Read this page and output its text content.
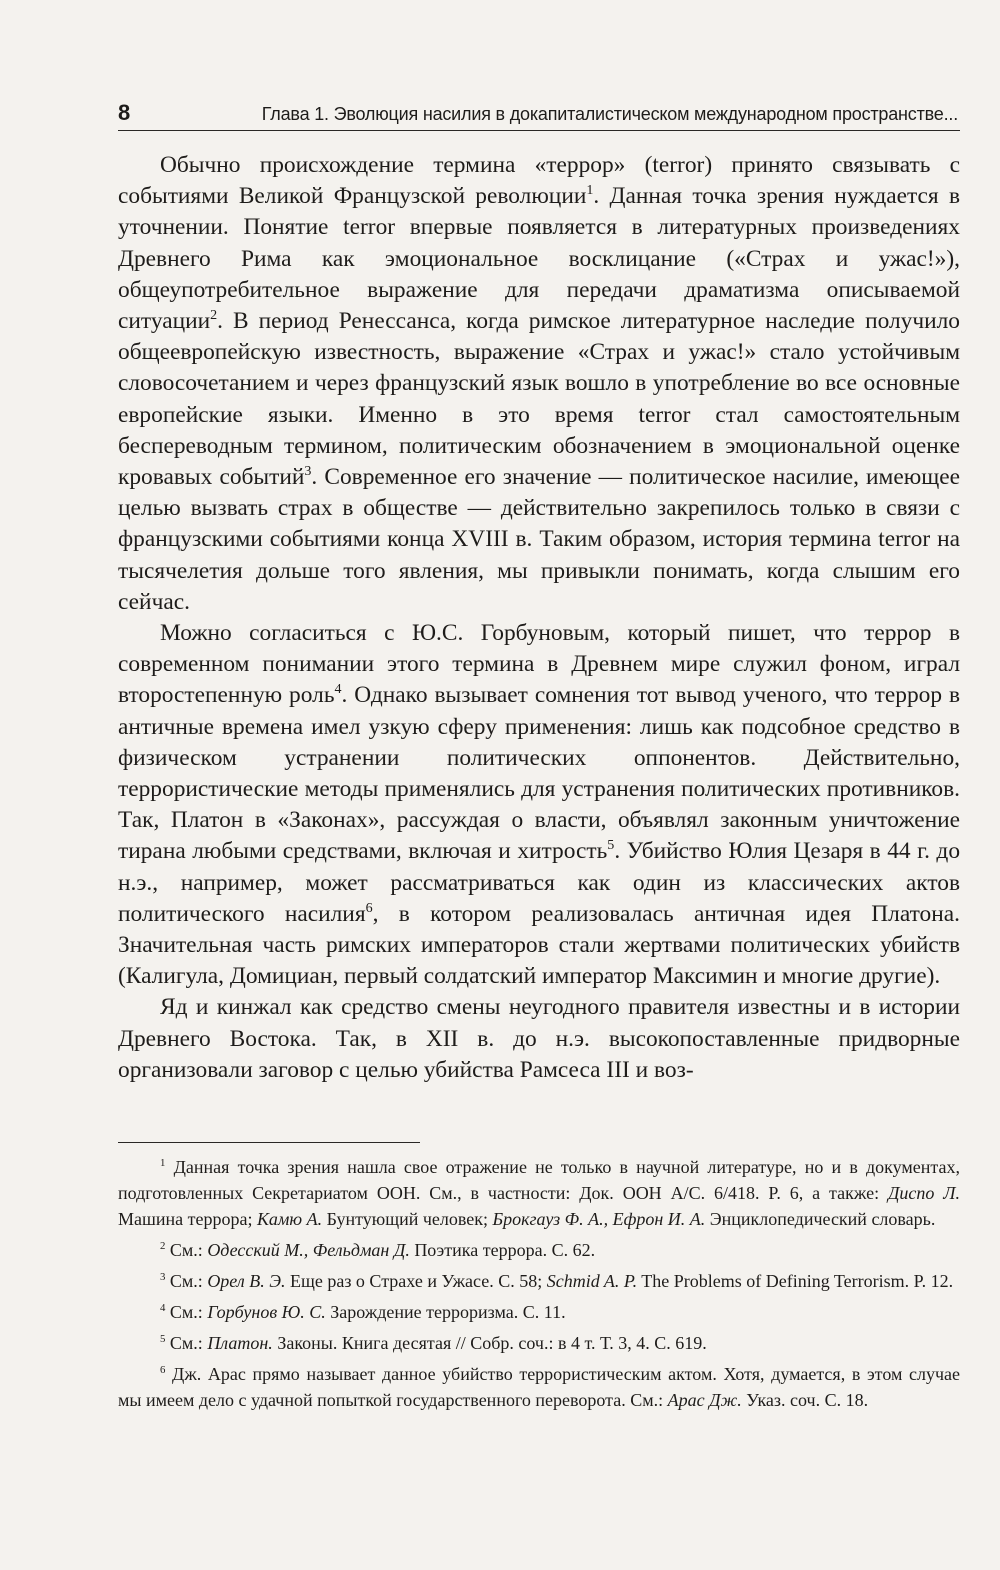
8	Глава 1. Эволюция насилия в докапиталистическом международном пространстве...

Обычно происхождение термина «террор» (terror) принято связывать с событиями Великой Французской революции$^1$. Данная точка зрения нуждается в уточнении. Понятие terror впервые появляется в литературных произведениях Древнего Рима как эмоциональное восклицание («Страх и ужас!»), общеупотребительное выражение для передачи драматизма описываемой ситуации$^2$. В период Ренессанса, когда римское литературное наследие получило общеевропейскую известность, выражение «Страх и ужас!» стало устойчивым словосочетанием и через французский язык вошло в употребление во все основные европейские языки. Именно в это время terror стал самостоятельным беспереводным термином, политическим обозначением в эмоциональной оценке кровавых событий$^3$. Современное его значение — политическое насилие, имеющее целью вызвать страх в обществе — действительно закрепилось только в связи с французскими событиями конца XVIII в. Таким образом, история термина terror на тысячелетия дольше того явления, мы привыкли понимать, когда слышим его сейчас.

Можно согласиться с Ю.С. Горбуновым, который пишет, что террор в современном понимании этого термина в Древнем мире служил фоном, играл второстепенную роль$^4$. Однако вызывает сомнения тот вывод ученого, что террор в античные времена имел узкую сферу применения: лишь как подсобное средство в физическом устранении политических оппонентов. Действительно, террористические методы применялись для устранения политических противников. Так, Платон в «Законах», рассуждая о власти, объявлял законным уничтожение тирана любыми средствами, включая и хитрость$^5$. Убийство Юлия Цезаря в 44 г. до н.э., например, может рассматриваться как один из классических актов политического насилия$^6$, в котором реализовалась античная идея Платона. Значительная часть римских императоров стали жертвами политических убийств (Калигула, Домициан, первый солдатский император Максимин и многие другие).

Яд и кинжал как средство смены неугодного правителя известны и в истории Древнего Востока. Так, в XII в. до н.э. высокопоставленные придворные организовали заговор с целью убийства Рамсеса III и воз-

$^1$ Данная точка зрения нашла свое отражение не только в научной литературе, но и в документах, подготовленных Секретариатом ООН. См., в частности: Док. ООН A/C. 6/418. P. 6, а также: Диспо Л. Машина террора; Камю А. Бунтующий человек; Брокгауз Ф. А., Ефрон И. А. Энциклопедический словарь.

$^2$ См.: Одесский М., Фельдман Д. Поэтика террора. С. 62.

$^3$ См.: Орел В. Э. Еще раз о Страхе и Ужасе. С. 58; Schmid A. P. The Problems of Defining Terrorism. P. 12.

$^4$ См.: Горбунов Ю. С. Зарождение терроризма. С. 11.

$^5$ См.: Платон. Законы. Книга десятая // Собр. соч.: в 4 т. Т. 3, 4. С. 619.

$^6$ Дж. Арас прямо называет данное убийство террористическим актом. Хотя, думается, в этом случае мы имеем дело с удачной попыткой государственного переворота. См.: Арас Дж. Указ. соч. С. 18.
